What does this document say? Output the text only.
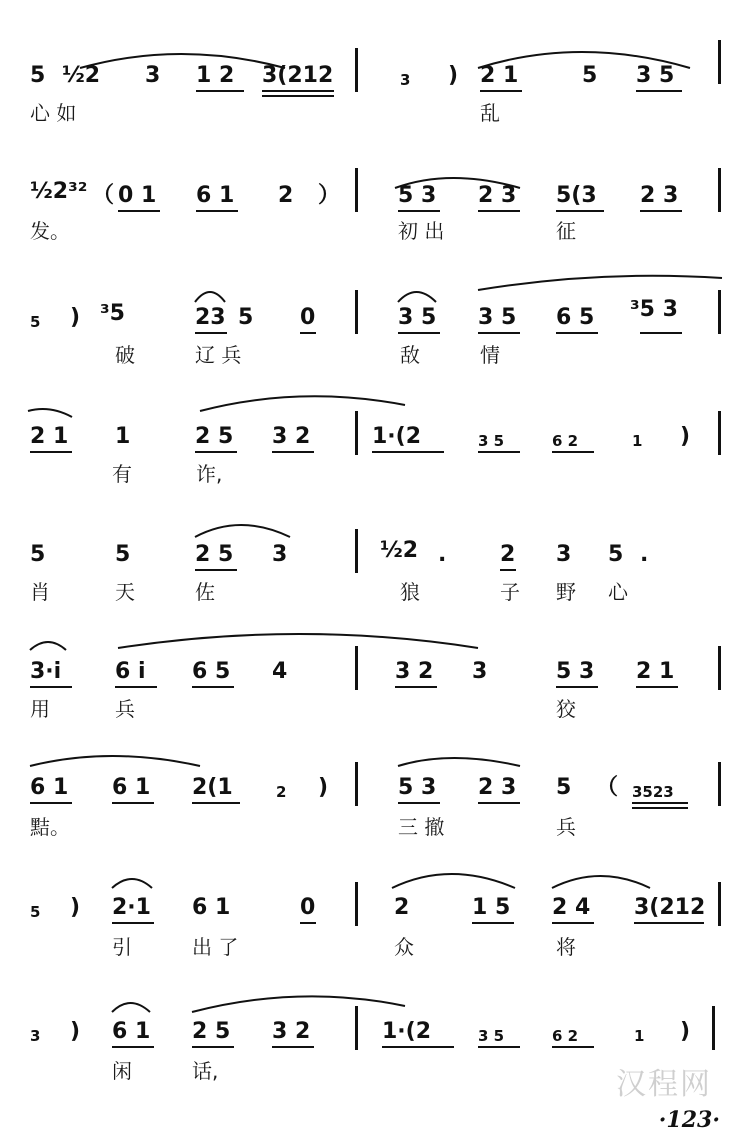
5 ½2 3 1 2 3(212	3 ) 2 1	5 3 5
心 如	乱
½2³² （ 0 1 6 1 2 ）	5 3 2 3 5(3 2 3
发。	初 出	征
5 ) ³5	23 5 0	3 5 3 5 6 5 ³5 3
破	辽 兵	敌	情
2 1 1	2 5 3 2	1·(2	3 5	6 2	1 )
有	诈,
5	5	2 5 3	½2 . 2 3 5 .
肖	天	佐	狼	子 野 心
3·i 6 i 6 5 4	3 2 3	5 3 2 1
用	兵	狡
6 1 6 1 2(1	2 )	5 3 2 3 5 （ 3523
黠。	三 撤	兵
5 ) 2·1 6 1	0	2	1 5 2 4 3(212
引	出 了	众	将
3 ) 6 1 2 5 3 2	1·(2	3 5	6 2	1 )
闲	话,	汉程网
·123·
